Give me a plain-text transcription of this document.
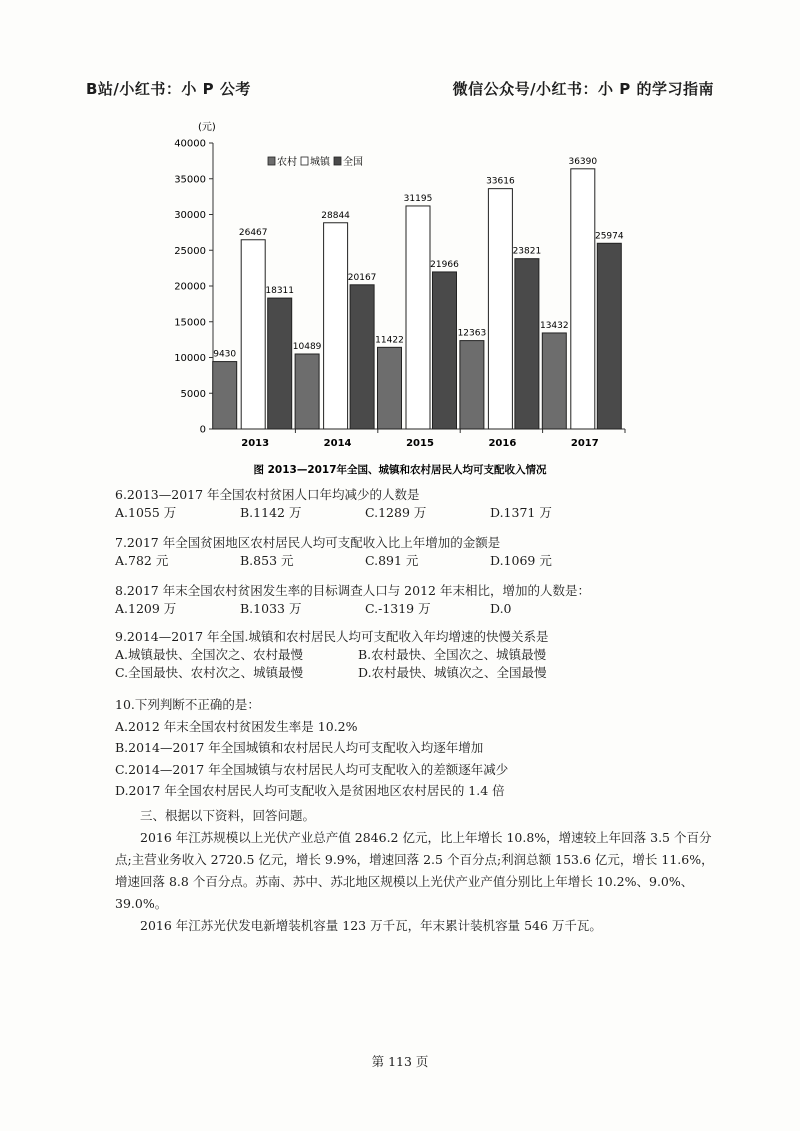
B站/小红书：小 P 公考	微信公众号/小红书：小 P 的学习指南
(元)
0
5000
10000
15000
20000
25000
30000
35000
40000
2013	2014	2015	2016	2017
9430
26467
18311
10489
28844
20167
11422
31195
21966
12363
33616
23821
13432
36390
25974
农村 城镇 全国
图 2013—2017年全国、城镇和农村居民人均可支配收入情况
6.2013—2017 年全国农村贫困人口年均减少的人数是
A.1055 万	B.1142 万	C.1289 万	D.1371 万
7.2017 年全国贫困地区农村居民人均可支配收入比上年增加的金额是
A.782 元	B.853 元	C.891 元	D.1069 元
8.2017 年末全国农村贫困发生率的目标调查人口与 2012 年末相比，增加的人数是：
A.1209 万	B.1033 万	C.-1319 万	D.0
9.2014—2017 年全国.城镇和农村居民人均可支配收入年均增速的快慢关系是
A.城镇最快、全国次之、农村最慢	B.农村最快、全国次之、城镇最慢
C.全国最快、农村次之、城镇最慢	D.农村最快、城镇次之、全国最慢
10.下列判断不正确的是：
A.2012 年末全国农村贫困发生率是 10.2%
B.2014—2017 年全国城镇和农村居民人均可支配收入均逐年增加
C.2014—2017 年全国城镇与农村居民人均可支配收入的差额逐年减少
D.2017 年全国农村居民人均可支配收入是贫困地区农村居民的 1.4 倍

三、根据以下资料，回答问题。

2016 年江苏规模以上光伏产业总产值 2846.2 亿元，比上年增长 10.8%，增速较上年回落 3.5 个百分点;主营业务收入 2720.5 亿元，增长 9.9%，增速回落 2.5 个百分点;利润总额 153.6 亿元，增长 11.6%，增速回落 8.8 个百分点。苏南、苏中、苏北地区规模以上光伏产业产值分别比上年增长 10.2%、9.0%、39.0%。

2016 年江苏光伏发电新增装机容量 123 万千瓦，年末累计装机容量 546 万千瓦。

第 113 页
